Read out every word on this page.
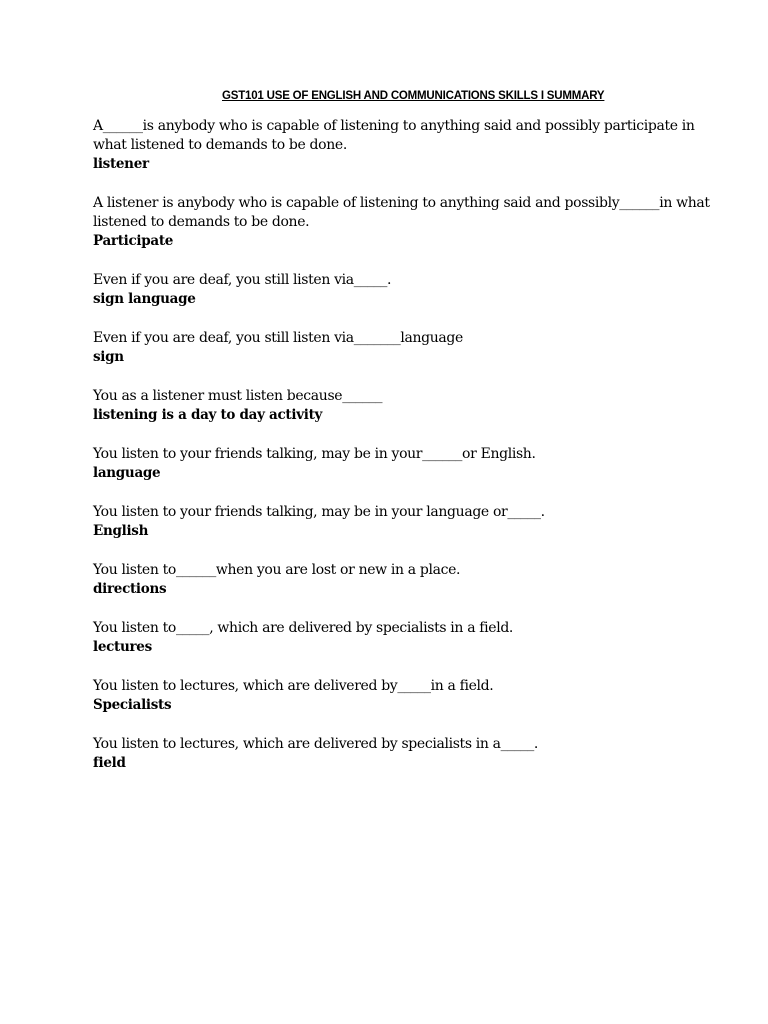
GST101 USE OF ENGLISH AND COMMUNICATIONS SKILLS I SUMMARY

A______is anybody who is capable of listening to anything said and possibly participate in what listened to demands to be done.

listener

A listener is anybody who is capable of listening to anything said and possibly______in what listened to demands to be done.

Participate

Even if you are deaf, you still listen via_____.

sign language

Even if you are deaf, you still listen via_______language

sign

You as a listener must listen because______

listening is a day to day activity

You listen to your friends talking, may be in your______or English.

language

You listen to your friends talking, may be in your language or_____.

English

You listen to______when you are lost or new in a place.

directions

You listen to_____, which are delivered by specialists in a field.

lectures

You listen to lectures, which are delivered by_____in a field.

Specialists

You listen to lectures, which are delivered by specialists in a_____.

field
